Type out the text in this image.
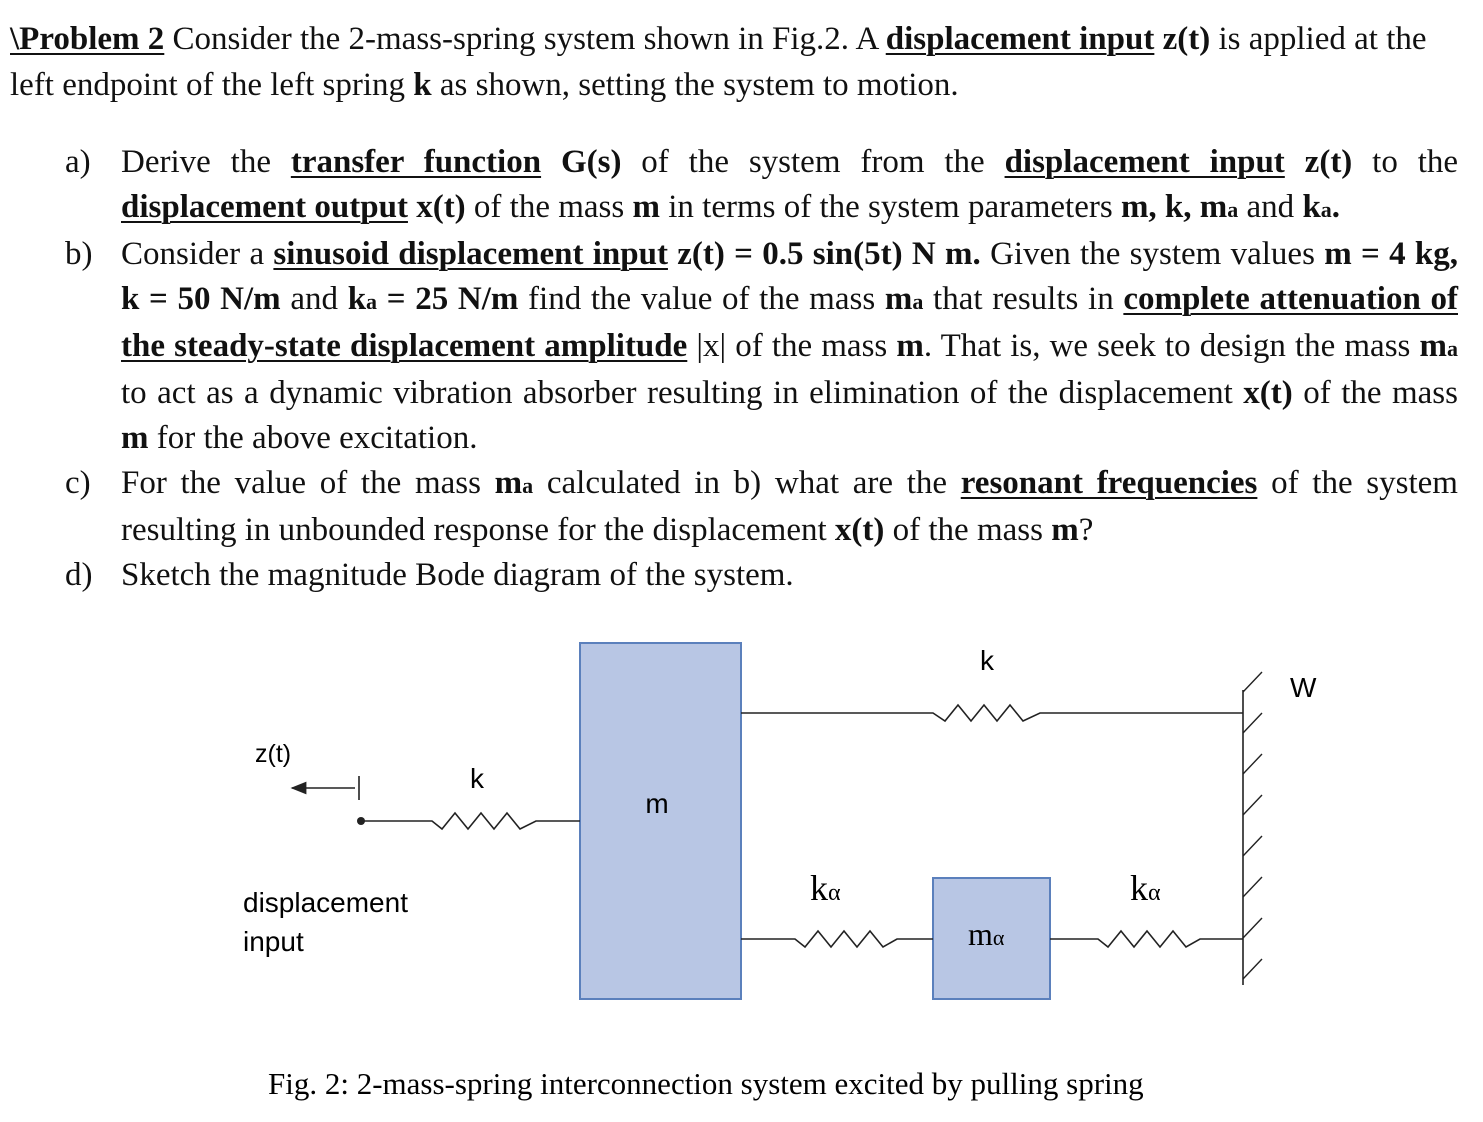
\Problem 2 Consider the 2-mass-spring system shown in Fig.2. A displacement input z(t) is applied at the left endpoint of the left spring k as shown, setting the system to motion.
a) Derive the transfer function G(s) of the system from the displacement input z(t) to the displacement output x(t) of the mass m in terms of the system parameters m, k, ma and ka.
b) Consider a sinusoid displacement input z(t) = 0.5 sin(5t) N m. Given the system values m = 4 kg, k = 50 N/m and ka = 25 N/m find the value of the mass ma that results in complete attenuation of the steady-state displacement amplitude |x| of the mass m. That is, we seek to design the mass ma to act as a dynamic vibration absorber resulting in elimination of the displacement x(t) of the mass m for the above excitation.
c) For the value of the mass ma calculated in b) what are the resonant frequencies of the system resulting in unbounded response for the displacement x(t) of the mass m?
d) Sketch the magnitude Bode diagram of the system.
m
mα
z(t)
k
displacement
input
k
kα	kα
W
Fig. 2: 2-mass-spring interconnection system excited by pulling spring
